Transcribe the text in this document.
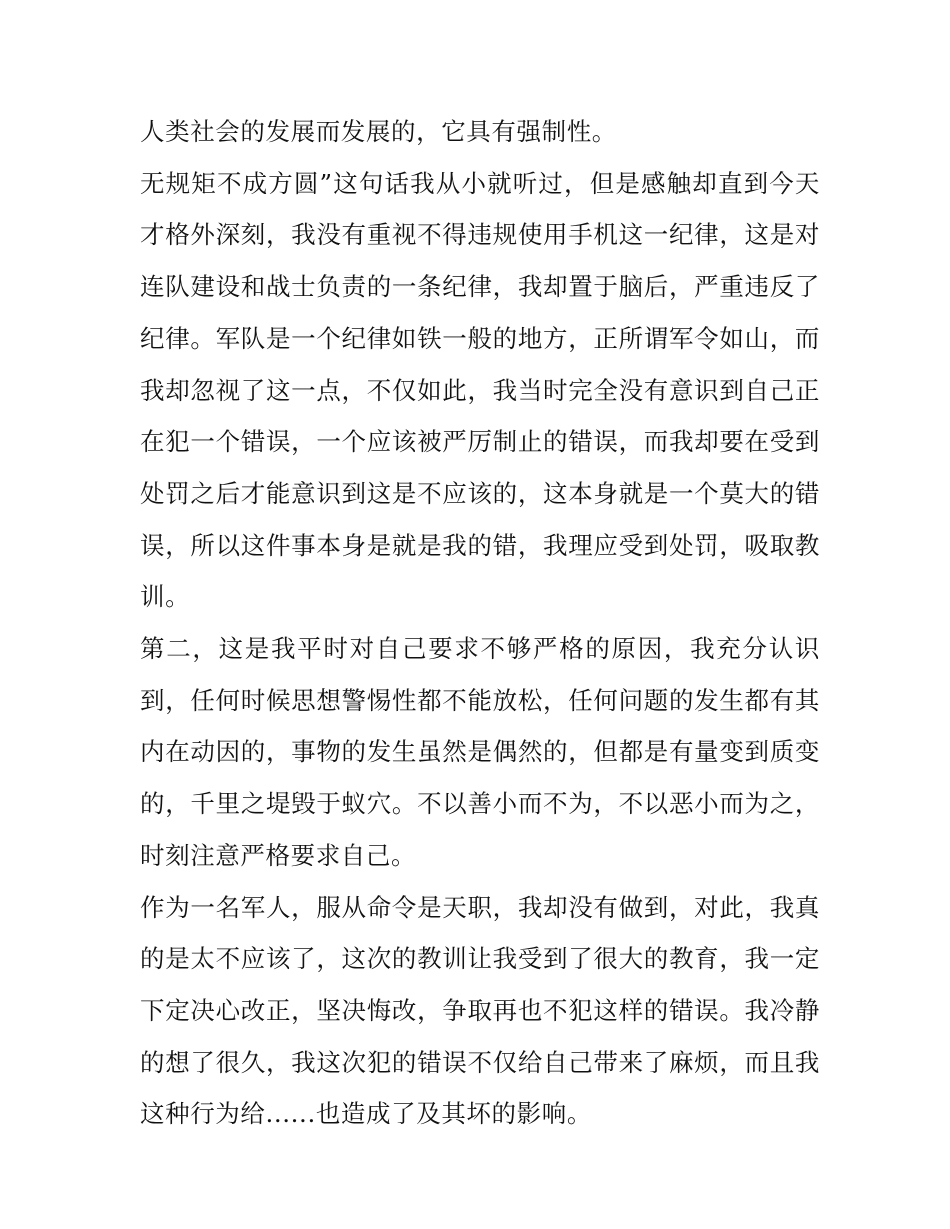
人类社会的发展而发展的，它具有强制性。

无规矩不成方圆”这句话我从小就听过，但是感触却直到今天才格外深刻，我没有重视不得违规使用手机这一纪律，这是对连队建设和战士负责的一条纪律，我却置于脑后，严重违反了纪律。军队是一个纪律如铁一般的地方，正所谓军令如山，而我却忽视了这一点，不仅如此，我当时完全没有意识到自己正在犯一个错误，一个应该被严厉制止的错误，而我却要在受到处罚之后才能意识到这是不应该的，这本身就是一个莫大的错误，所以这件事本身是就是我的错，我理应受到处罚，吸取教训。

第二，这是我平时对自己要求不够严格的原因，我充分认识到，任何时候思想警惕性都不能放松，任何问题的发生都有其内在动因的，事物的发生虽然是偶然的，但都是有量变到质变的，千里之堤毁于蚁穴。不以善小而不为，不以恶小而为之，时刻注意严格要求自己。

作为一名军人，服从命令是天职，我却没有做到，对此，我真的是太不应该了，这次的教训让我受到了很大的教育，我一定下定决心改正，坚决悔改，争取再也不犯这样的错误。我冷静的想了很久，我这次犯的错误不仅给自己带来了麻烦，而且我这种行为给......也造成了及其坏的影响。
